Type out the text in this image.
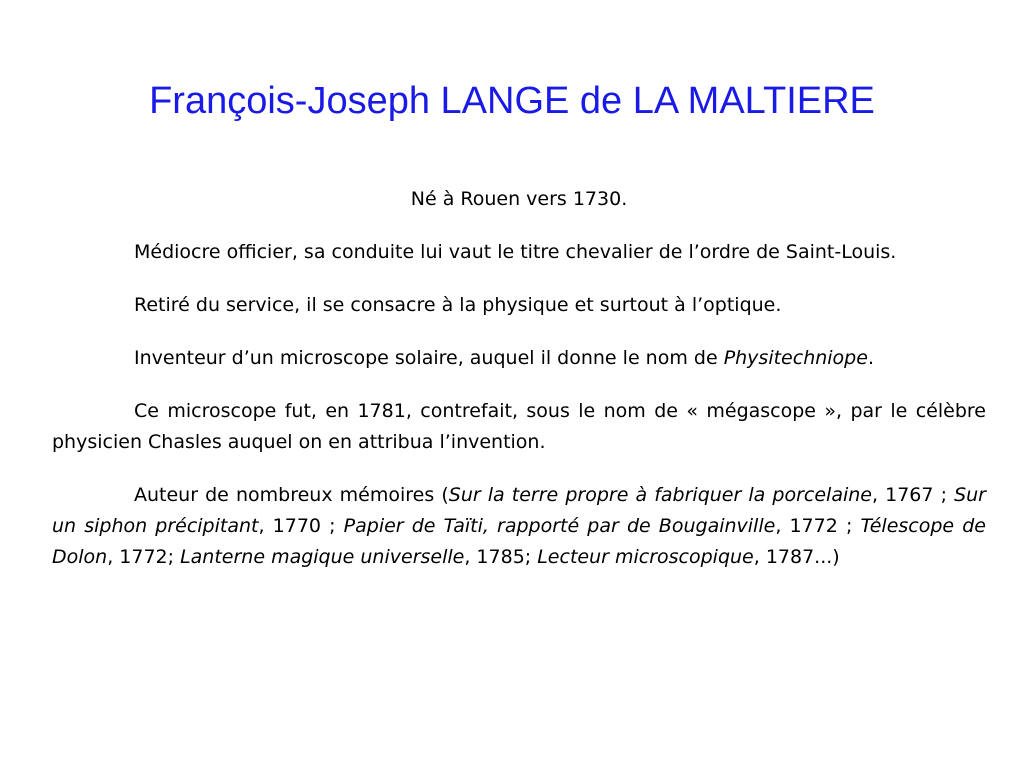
François-Joseph LANGE de LA MALTIERE

Né à Rouen vers 1730.

Médiocre officier, sa conduite lui vaut le titre chevalier de l’ordre de Saint-Louis.

Retiré du service, il se consacre à la physique et surtout à l’optique.

Inventeur d’un microscope solaire, auquel il donne le nom de Physitechniope.

Ce microscope fut, en 1781, contrefait, sous le nom de « mégascope », par le célèbre physicien Chasles auquel on en attribua l’invention.

Auteur de nombreux mémoires (Sur la terre propre à fabriquer la porcelaine, 1767 ; Sur un siphon précipitant, 1770 ; Papier de Taïti, rapporté par de Bougainville, 1772 ; Télescope de Dolon, 1772; Lanterne magique universelle, 1785; Lecteur microscopique, 1787...)
